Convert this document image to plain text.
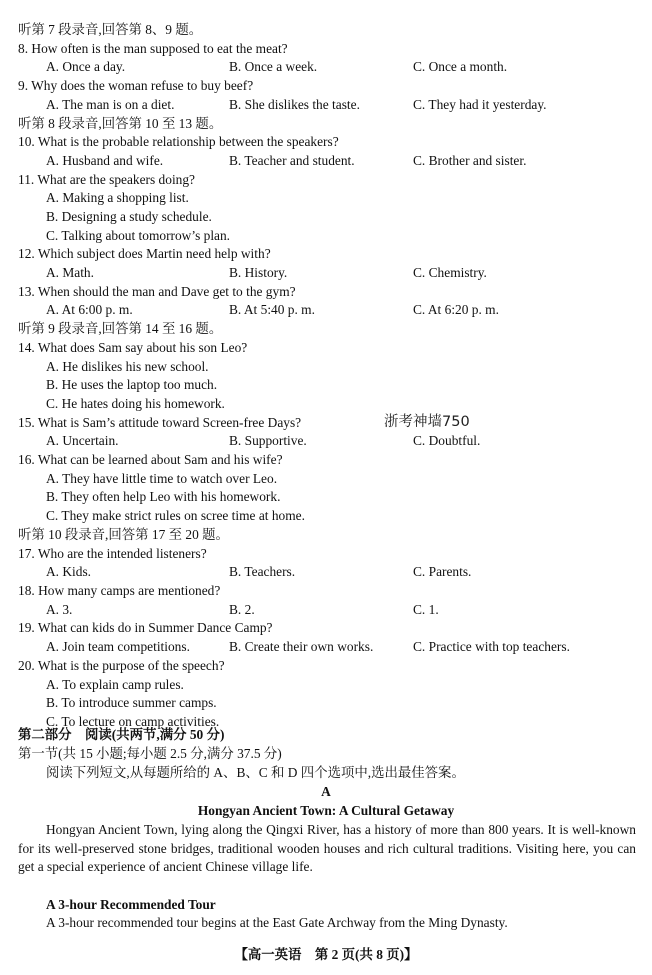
听第 7 段录音,回答第 8、9 题。
8. How often is the man supposed to eat the meat?
A. Once a day.	B. Once a week.	C. Once a month.
9. Why does the woman refuse to buy beef?
A. The man is on a diet.	B. She dislikes the taste.	C. They had it yesterday.
听第 8 段录音,回答第 10 至 13 题。
10. What is the probable relationship between the speakers?
A. Husband and wife.	B. Teacher and student.	C. Brother and sister.
11. What are the speakers doing?
A. Making a shopping list.
B. Designing a study schedule.
C. Talking about tomorrow’s plan.
12. Which subject does Martin need help with?
A. Math.	B. History.	C. Chemistry.
13. When should the man and Dave get to the gym?
A. At 6:00 p. m.	B. At 5:40 p. m.	C. At 6:20 p. m.
听第 9 段录音,回答第 14 至 16 题。
14. What does Sam say about his son Leo?
A. He dislikes his new school.
B. He uses the laptop too much.
C. He hates doing his homework.
15. What is Sam’s attitude toward Screen-free Days?
A. Uncertain.	B. Supportive.	C. Doubtful.
16. What can be learned about Sam and his wife?
A. They have little time to watch over Leo.
B. They often help Leo with his homework.
C. They make strict rules on scree time at home.
听第 10 段录音,回答第 17 至 20 题。
17. Who are the intended listeners?
A. Kids.	B. Teachers.	C. Parents.
18. How many camps are mentioned?
A. 3.	B. 2.	C. 1.
19. What can kids do in Summer Dance Camp?
A. Join team competitions.	B. Create their own works.	C. Practice with top teachers.
20. What is the purpose of the speech?
A. To explain camp rules.
B. To introduce summer camps.
C. To lecture on camp activities.
浙考神墙750
第二部分　阅读(共两节,满分 50 分)
第一节(共 15 小题;每小题 2.5 分,满分 37.5 分)
阅读下列短文,从每题所给的 A、B、C 和 D 四个选项中,选出最佳答案。
A
Hongyan Ancient Town: A Cultural Getaway
Hongyan Ancient Town, lying along the Qingxi River, has a history of more than 800 years. It is well-known for its well-preserved stone bridges, traditional wooden houses and rich cultural traditions. Visiting here, you can get a special experience of ancient Chinese village life.
A 3-hour Recommended Tour
A 3-hour recommended tour begins at the East Gate Archway from the Ming Dynasty.
【高一英语　第 2 页(共 8 页)】
